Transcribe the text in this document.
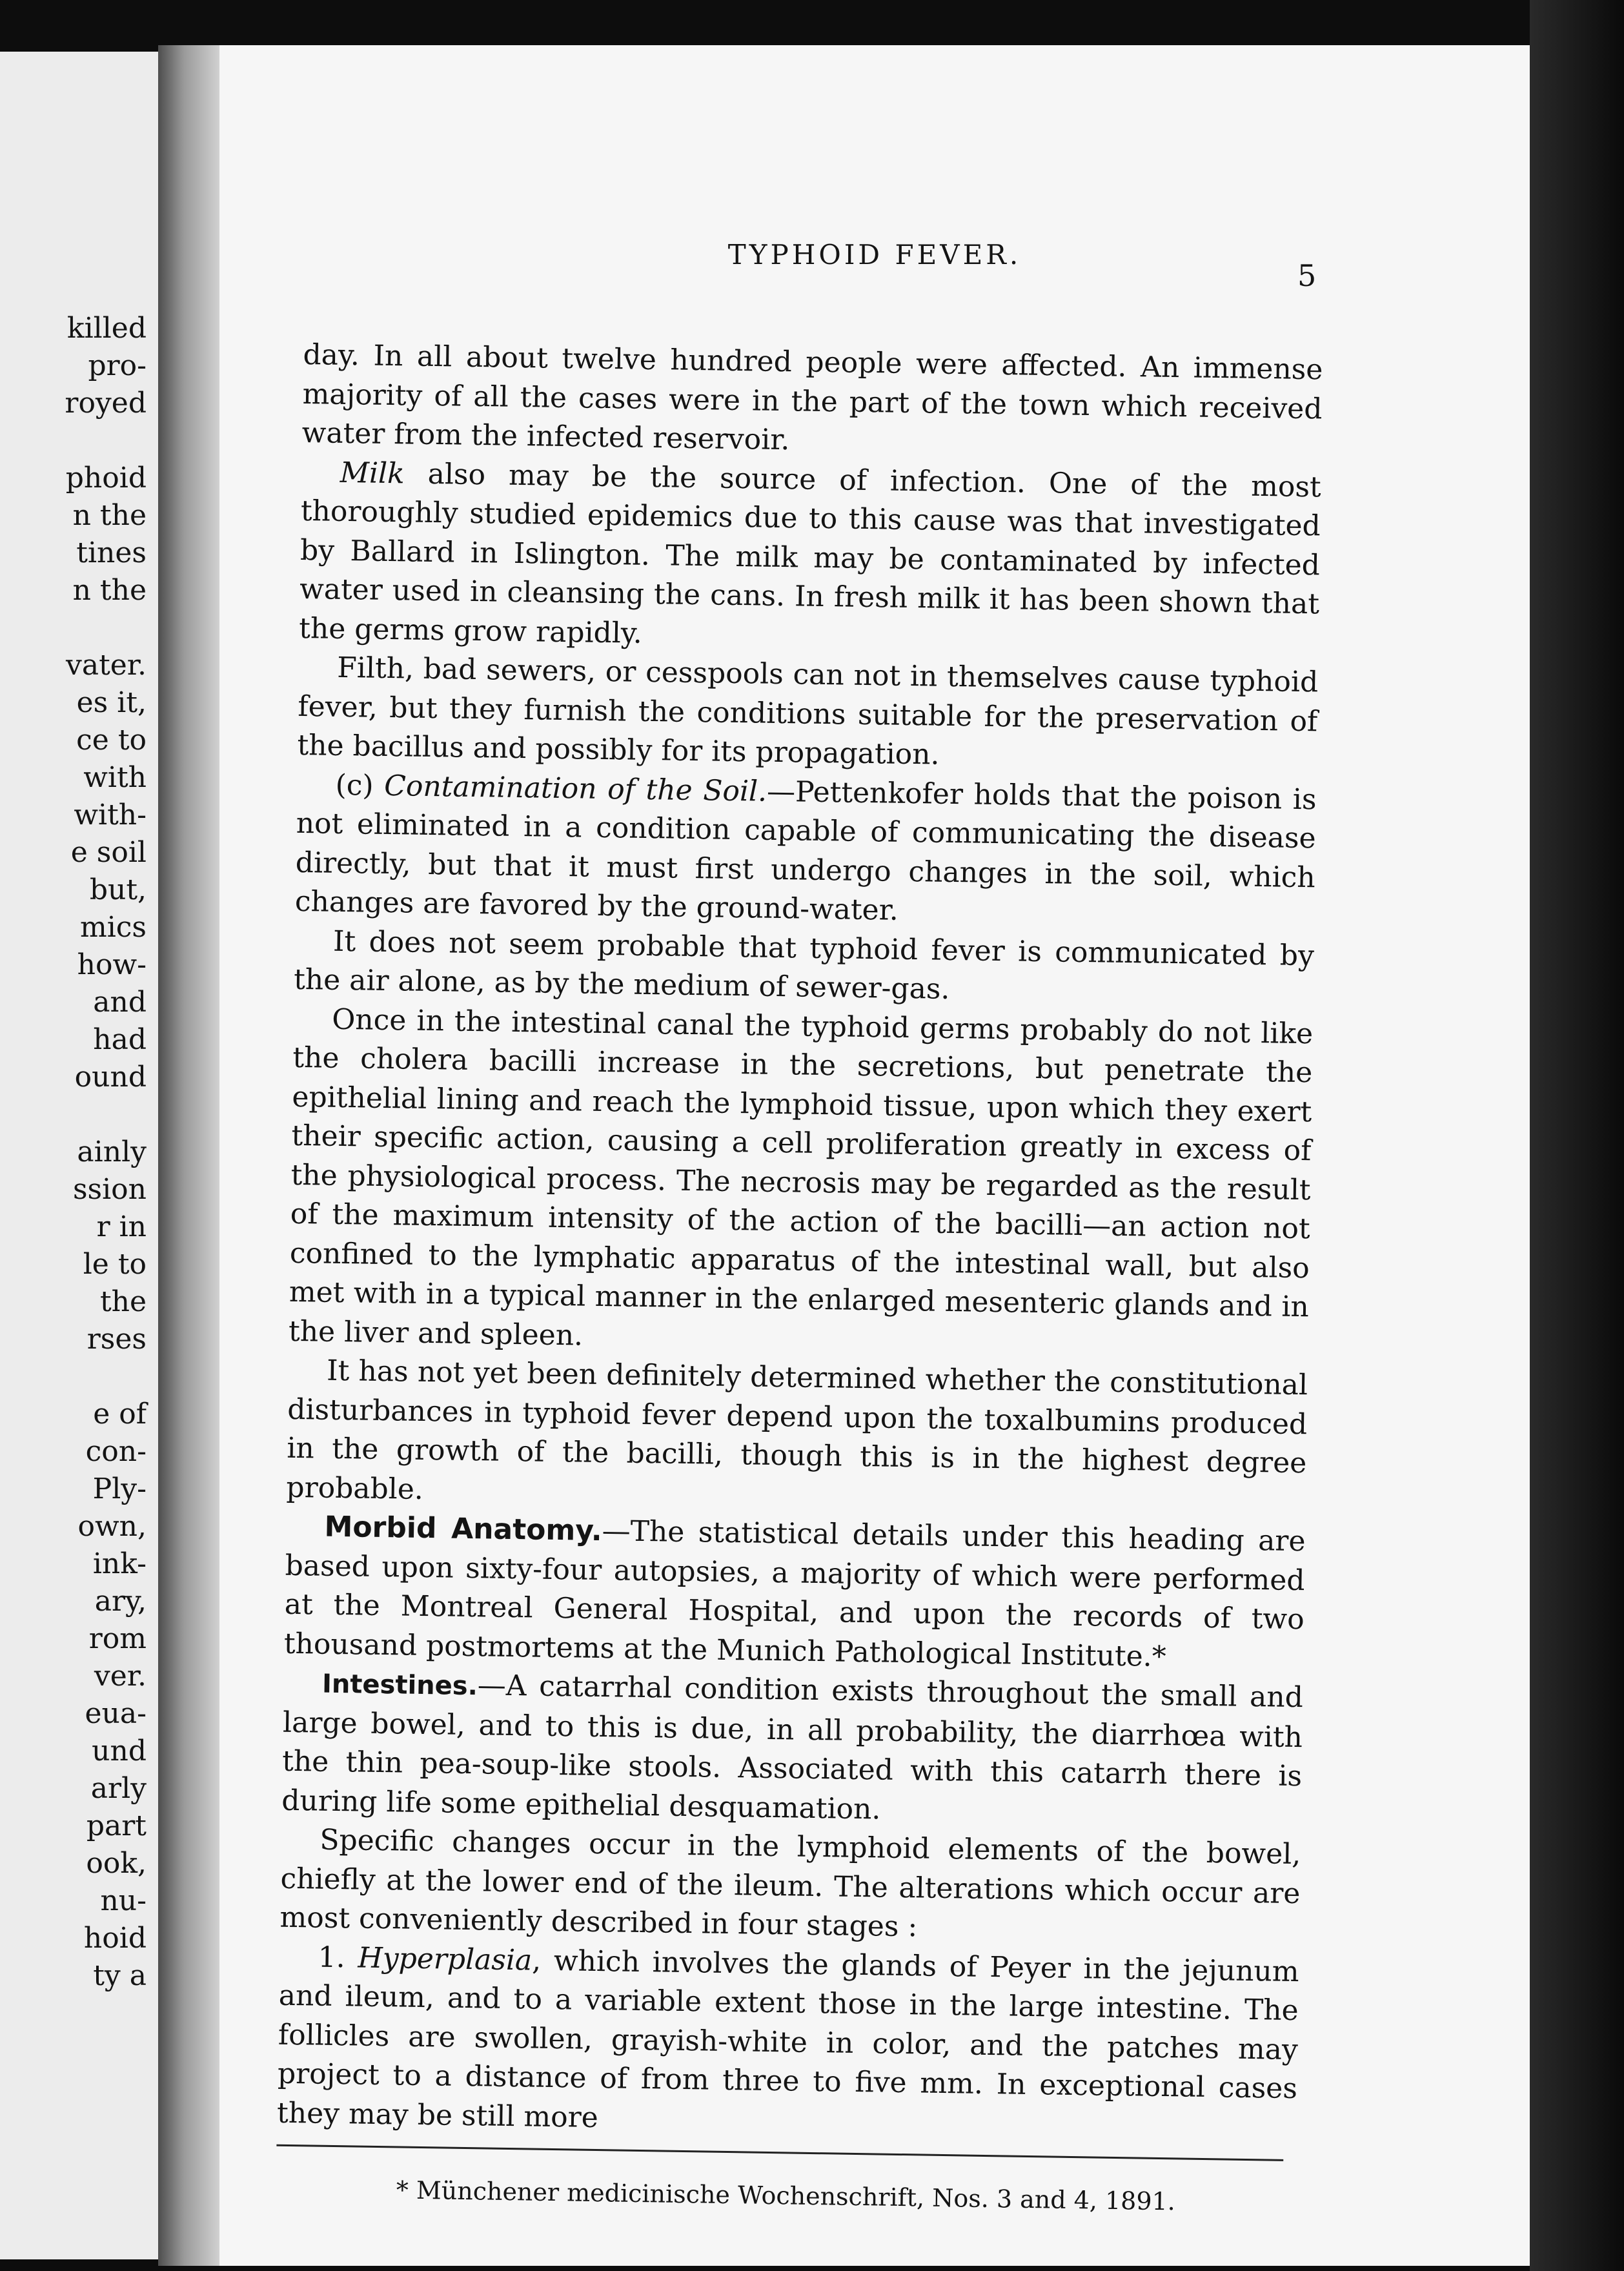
killed
pro-
royed
phoid
n the
tines
n the
vater.
es it,
ce to
with
with-
e soil
but,
mics
how-
and
had
ound
ainly
ssion
r in
le to
the
rses
e of
con-
Ply-
own,
ink-
ary,
rom
ver.
eua-
und
arly
part
ook,
nu-
hoid
ty a
TYPHOID FEVER.
5

day. In all about twelve hundred people were affected. An immense majority of all the cases were in the part of the town which received water from the infected reservoir.

Milk also may be the source of infection. One of the most thoroughly studied epidemics due to this cause was that investigated by Ballard in Islington. The milk may be contaminated by infected water used in cleansing the cans. In fresh milk it has been shown that the germs grow rapidly.

Filth, bad sewers, or cesspools can not in themselves cause typhoid fever, but they furnish the conditions suitable for the preservation of the bacillus and possibly for its propagation.

(c) Contamination of the Soil.—Pettenkofer holds that the poison is not eliminated in a condition capable of communicating the disease directly, but that it must first undergo changes in the soil, which changes are favored by the ground-water.

It does not seem probable that typhoid fever is communicated by the air alone, as by the medium of sewer-gas.

Once in the intestinal canal the typhoid germs probably do not like the cholera bacilli increase in the secretions, but penetrate the epithelial lining and reach the lymphoid tissue, upon which they exert their specific action, causing a cell proliferation greatly in excess of the physiological process. The necrosis may be regarded as the result of the maximum intensity of the action of the bacilli—an action not confined to the lymphatic apparatus of the intestinal wall, but also met with in a typical manner in the enlarged mesenteric glands and in the liver and spleen.

It has not yet been definitely determined whether the constitutional disturbances in typhoid fever depend upon the toxalbumins produced in the growth of the bacilli, though this is in the highest degree probable.

Morbid Anatomy.—The statistical details under this heading are based upon sixty-four autopsies, a majority of which were performed at the Montreal General Hospital, and upon the records of two thousand postmortems at the Munich Pathological Institute.*

Intestines.—A catarrhal condition exists throughout the small and large bowel, and to this is due, in all probability, the diarrhœa with the thin pea-soup-like stools. Associated with this catarrh there is during life some epithelial desquamation.

Specific changes occur in the lymphoid elements of the bowel, chiefly at the lower end of the ileum. The alterations which occur are most conveniently described in four stages :

1. Hyperplasia, which involves the glands of Peyer in the jejunum and ileum, and to a variable extent those in the large intestine. The follicles are swollen, grayish-white in color, and the patches may project to a distance of from three to five mm. In exceptional cases they may be still more

* Münchener medicinische Wochenschrift, Nos. 3 and 4, 1891.
